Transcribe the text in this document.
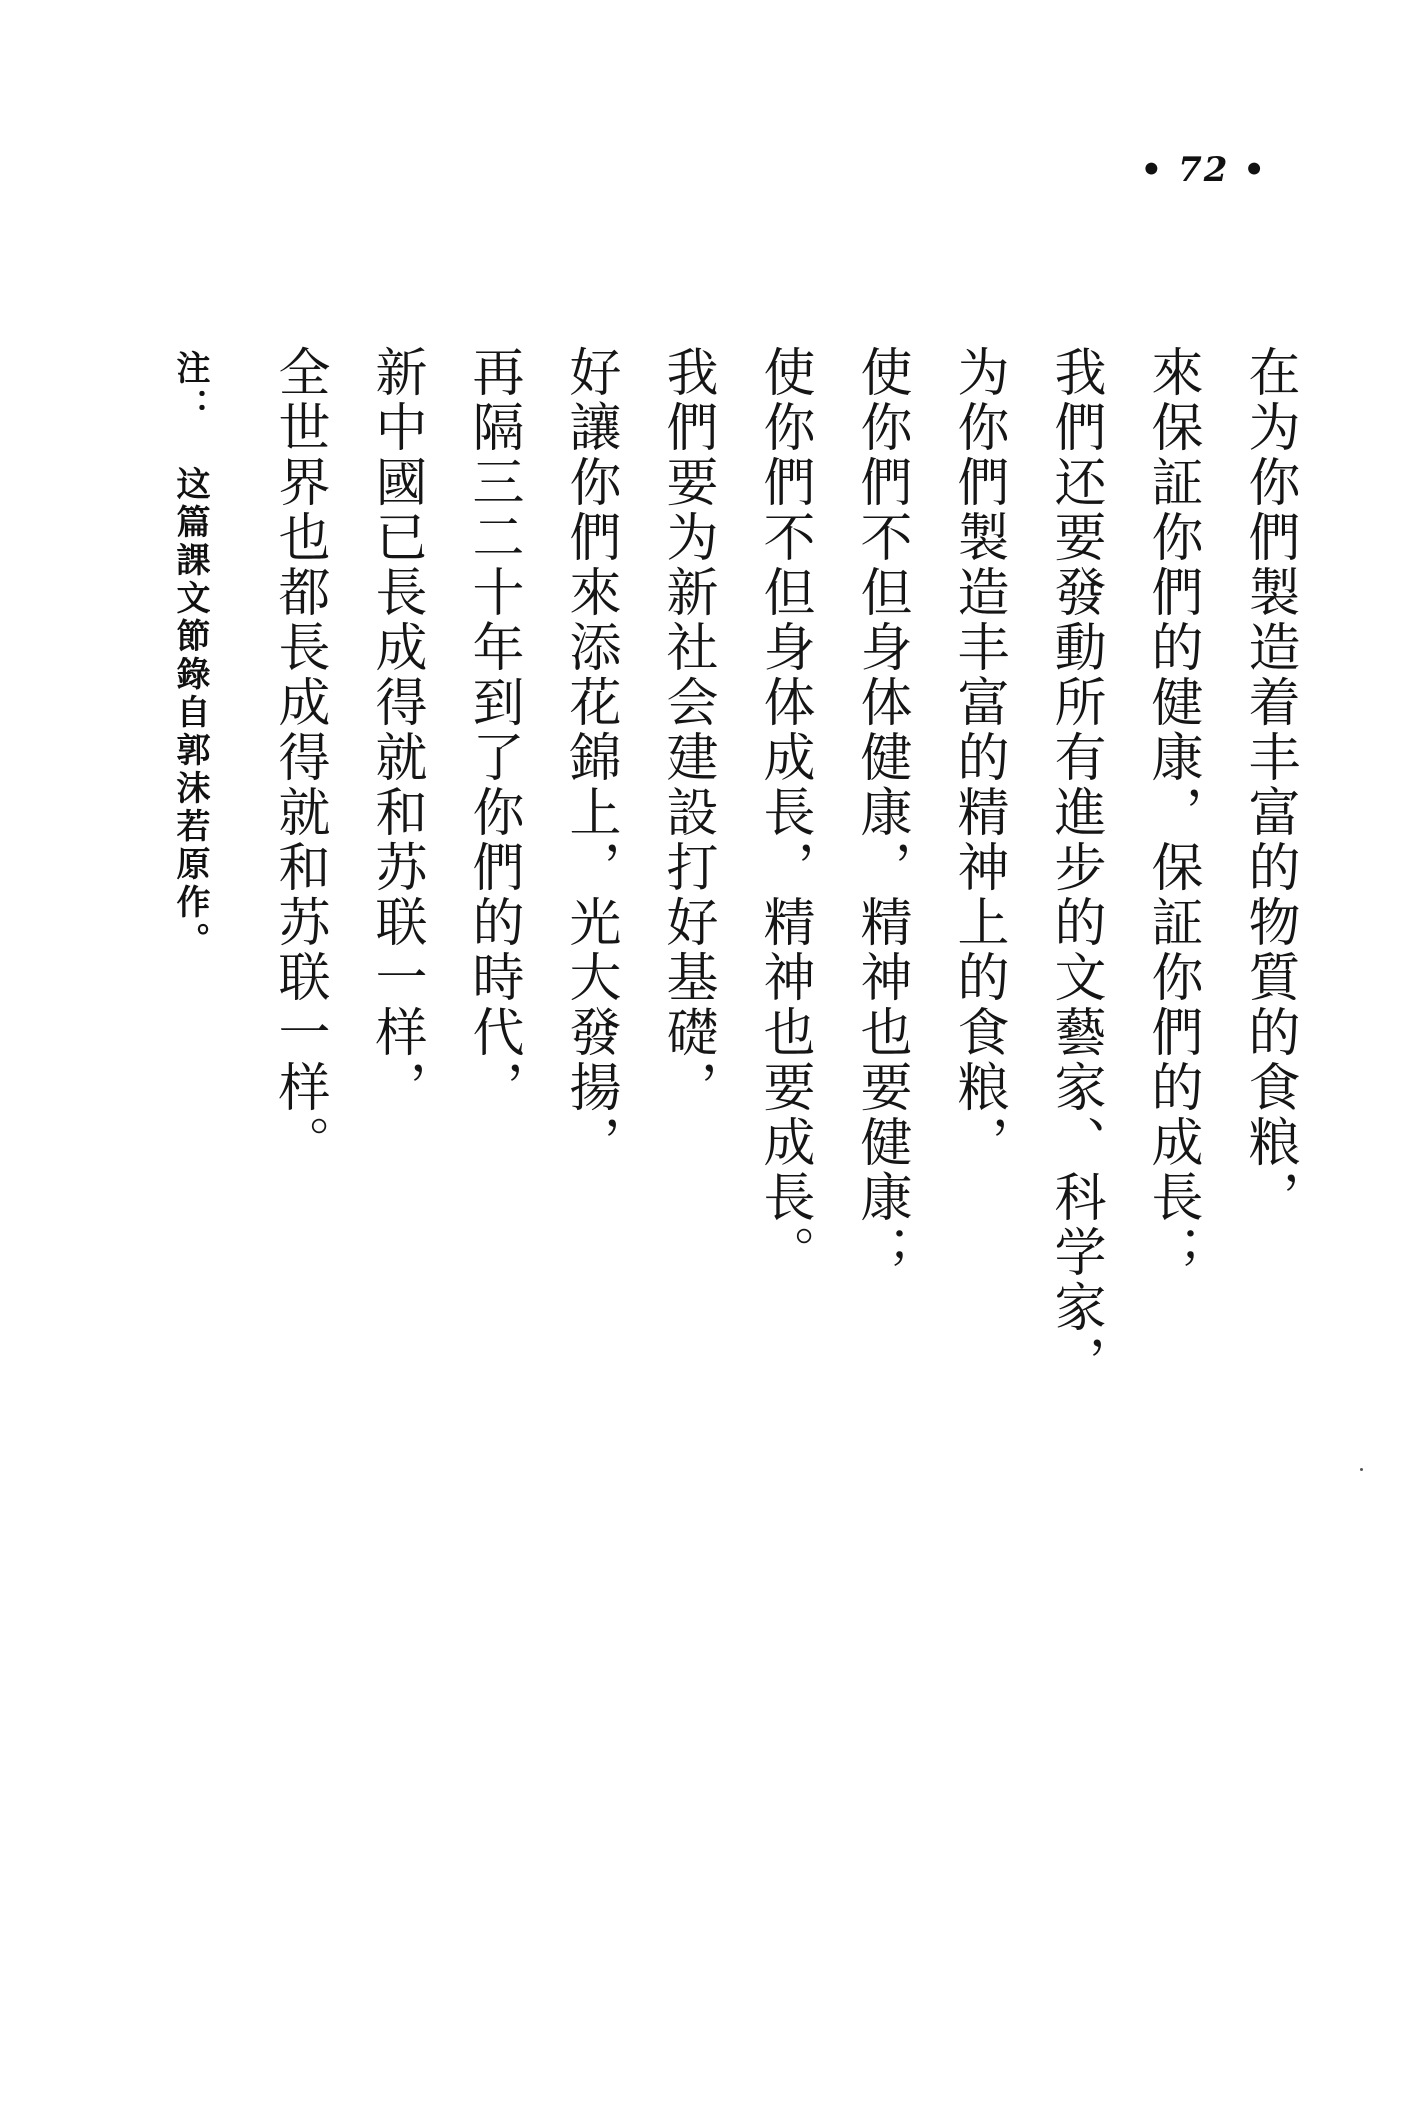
• 72 •
在为你們製造着丰富的物質的食粮，
來保証你們的健康，保証你們的成長；
我們还要發動所有進步的文藝家、科学家，
为你們製造丰富的精神上的食粮，
使你們不但身体健康，精神也要健康；
使你們不但身体成長，精神也要成長。
我們要为新社会建設打好基礎，
好讓你們來添花錦上，光大發揚，
再隔三二十年到了你們的時代，
新中國已長成得就和苏联一样，
全世界也都長成得就和苏联一样。
注：这篇課文節錄自郭沫若原作。
